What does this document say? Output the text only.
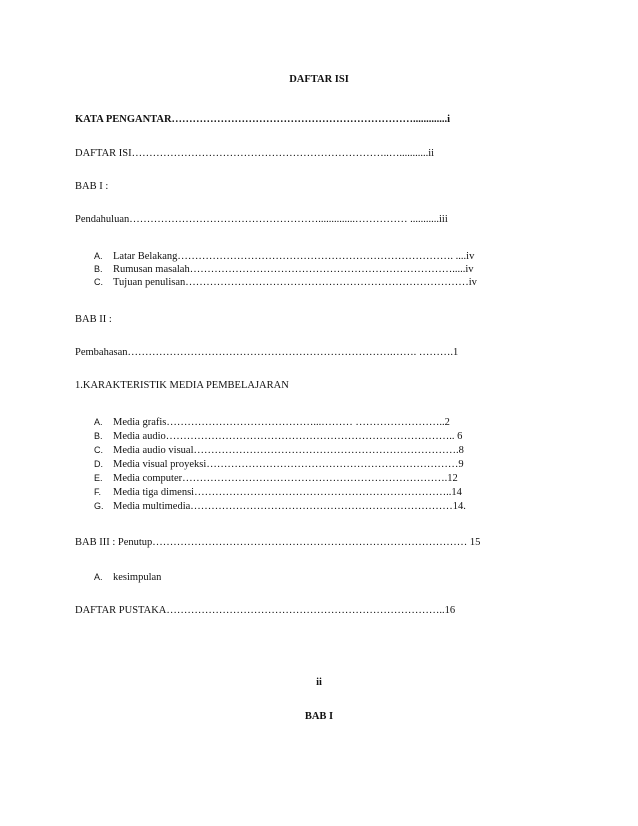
DAFTAR ISI
KATA PENGANTAR…………………………………………………………….............i
DAFTAR ISI………………………………………………………………..…...........ii
BAB I :
Pendahuluan………………………………………………..............…………… ...........iii
A. Latar Belakang……………………………………………………………………. ....iv
B. Rumusan masalah………………………………………………………………….....iv
C. Tujuan penulisan………………………………………………………………………iv
BAB II :
Pembahasan………………………………………………………………….……. ……….1
1.KARAKTERISTIK MEDIA PEMBELAJARAN
A. Media grafis……………………………………...……… ……………………..2
B. Media audio……………………………………………………………………….. 6
C. Media audio visual………………………………………………………………….8
D. Media visual proyeksi………………………………………………………………9
E. Media computer………………………………………………………………….12
F. Media tiga dimensi………………………………………………………………..14
G. Media multimedia…………………………………………………………………14.
BAB III : Penutup……………………………………………………………………………… 15
A. kesimpulan
DAFTAR PUSTAKA……………………………………………………………………..16
ii
BAB I
